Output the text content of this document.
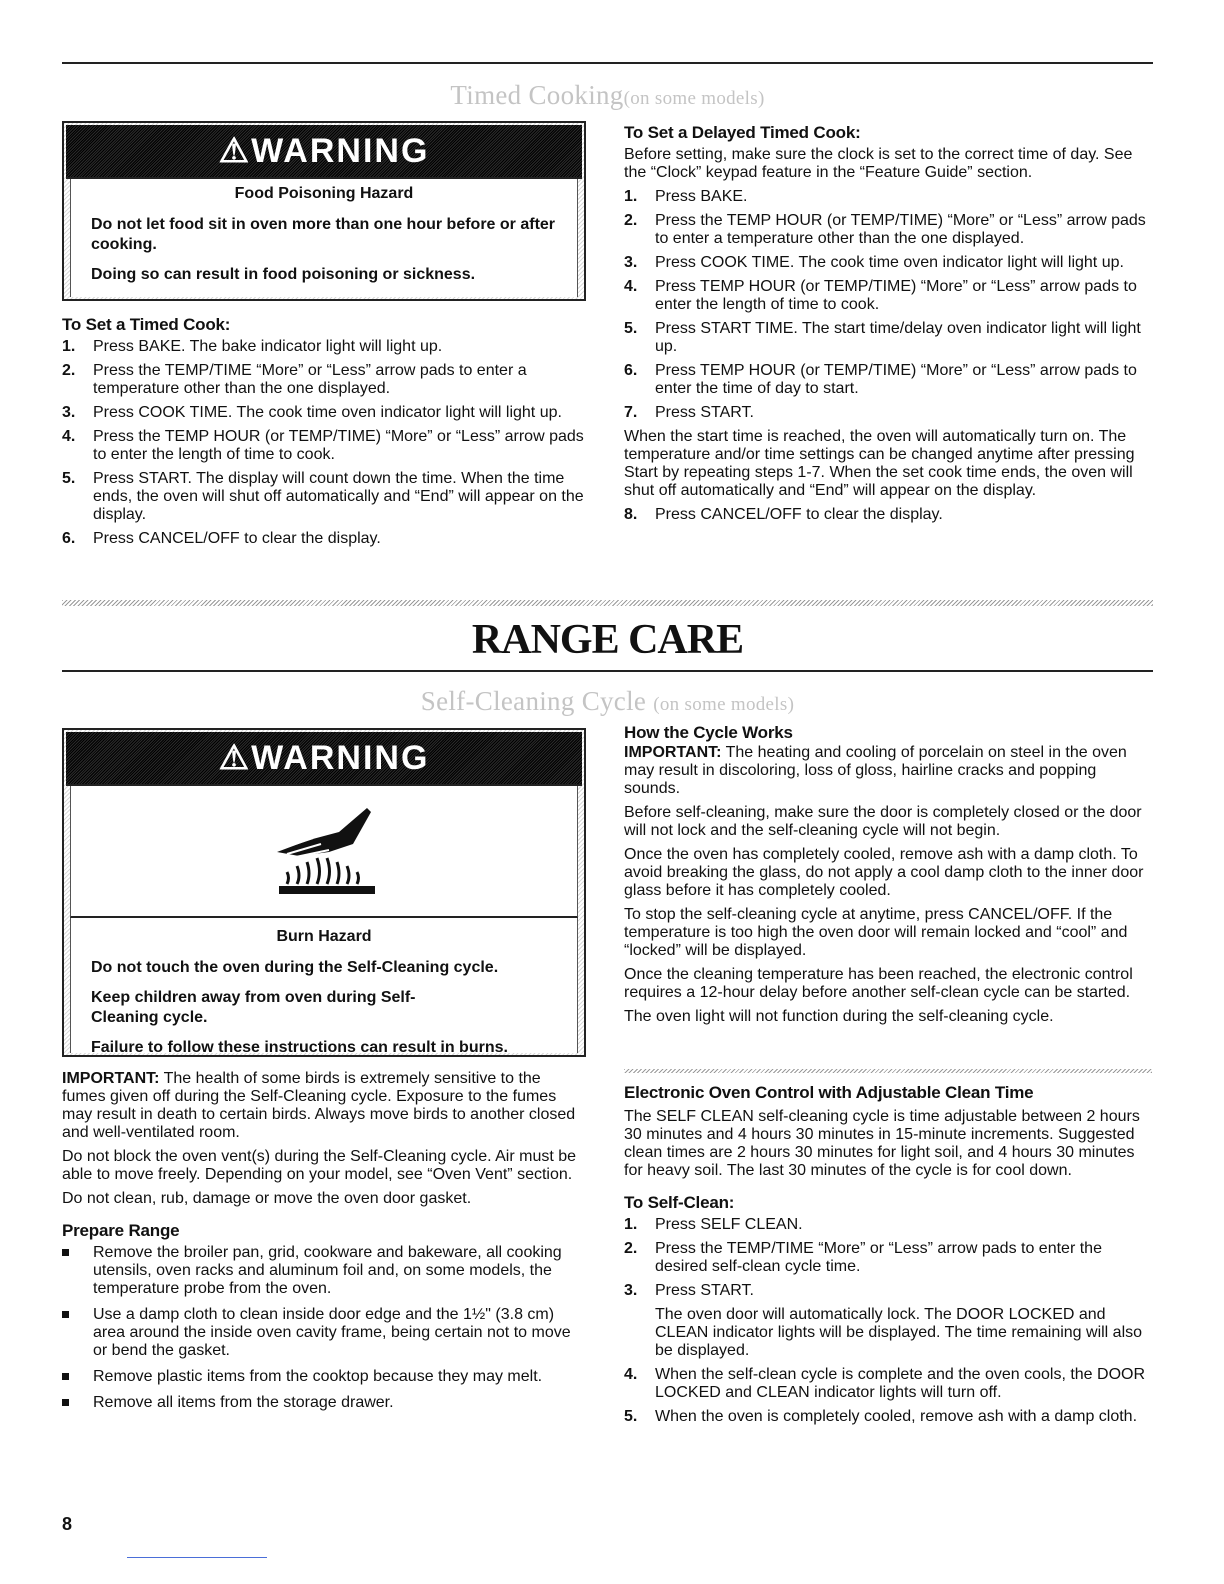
Timed Cooking(on some models)
⚠WARNING
Food Poisoning Hazard
Do not let food sit in oven more than one hour before or after cooking.
Doing so can result in food poisoning or sickness.
To Set a Timed Cook:
1. Press BAKE. The bake indicator light will light up.
2. Press the TEMP/TIME “More” or “Less” arrow pads to enter a temperature other than the one displayed.
3. Press COOK TIME. The cook time oven indicator light will light up.
4. Press the TEMP HOUR (or TEMP/TIME) “More” or “Less” arrow pads to enter the length of time to cook.
5. Press START. The display will count down the time. When the time ends, the oven will shut off automatically and “End” will appear on the display.
6. Press CANCEL/OFF to clear the display.
To Set a Delayed Timed Cook:

Before setting, make sure the clock is set to the correct time of day. See the “Clock” keypad feature in the “Feature Guide” section.

1. Press BAKE.
2. Press the TEMP HOUR (or TEMP/TIME) “More” or “Less” arrow pads to enter a temperature other than the one displayed.
3. Press COOK TIME. The cook time oven indicator light will light up.
4. Press TEMP HOUR (or TEMP/TIME) “More” or “Less” arrow pads to enter the length of time to cook.
5. Press START TIME. The start time/delay oven indicator light will light up.
6. Press TEMP HOUR (or TEMP/TIME) “More” or “Less” arrow pads to enter the time of day to start.
7. Press START.

When the start time is reached, the oven will automatically turn on. The temperature and/or time settings can be changed anytime after pressing Start by repeating steps 1-7. When the set cook time ends, the oven will shut off automatically and “End” will appear on the display.

8. Press CANCEL/OFF to clear the display.
RANGE CARE
Self-Cleaning Cycle (on some models)
⚠WARNING
Burn Hazard
Do not touch the oven during the Self-Cleaning cycle.
Keep children away from oven during Self-Cleaning cycle.
Failure to follow these instructions can result in burns.

IMPORTANT: The health of some birds is extremely sensitive to the fumes given off during the Self-Cleaning cycle. Exposure to the fumes may result in death to certain birds. Always move birds to another closed and well-ventilated room.

Do not block the oven vent(s) during the Self-Cleaning cycle. Air must be able to move freely. Depending on your model, see “Oven Vent” section.

Do not clean, rub, damage or move the oven door gasket.

Prepare Range
Remove the broiler pan, grid, cookware and bakeware, all cooking utensils, oven racks and aluminum foil and, on some models, the temperature probe from the oven.
Use a damp cloth to clean inside door edge and the 1½" (3.8 cm) area around the inside oven cavity frame, being certain not to move or bend the gasket.
Remove plastic items from the cooktop because they may melt.
Remove all items from the storage drawer.
How the Cycle Works

IMPORTANT: The heating and cooling of porcelain on steel in the oven may result in discoloring, loss of gloss, hairline cracks and popping sounds.

Before self-cleaning, make sure the door is completely closed or the door will not lock and the self-cleaning cycle will not begin.

Once the oven has completely cooled, remove ash with a damp cloth. To avoid breaking the glass, do not apply a cool damp cloth to the inner door glass before it has completely cooled.

To stop the self-cleaning cycle at anytime, press CANCEL/OFF. If the temperature is too high the oven door will remain locked and “cool” and “locked” will be displayed.

Once the cleaning temperature has been reached, the electronic control requires a 12-hour delay before another self-clean cycle can be started.

The oven light will not function during the self-cleaning cycle.

Electronic Oven Control with Adjustable Clean Time

The SELF CLEAN self-cleaning cycle is time adjustable between 2 hours 30 minutes and 4 hours 30 minutes in 15-minute increments. Suggested clean times are 2 hours 30 minutes for light soil, and 4 hours 30 minutes for heavy soil. The last 30 minutes of the cycle is for cool down.

To Self-Clean:
1. Press SELF CLEAN.
2. Press the TEMP/TIME “More” or “Less” arrow pads to enter the desired self-clean cycle time.
3. Press START.
The oven door will automatically lock. The DOOR LOCKED and CLEAN indicator lights will be displayed. The time remaining will also be displayed.
4. When the self-clean cycle is complete and the oven cools, the DOOR LOCKED and CLEAN indicator lights will turn off.
5. When the oven is completely cooled, remove ash with a damp cloth.
8
